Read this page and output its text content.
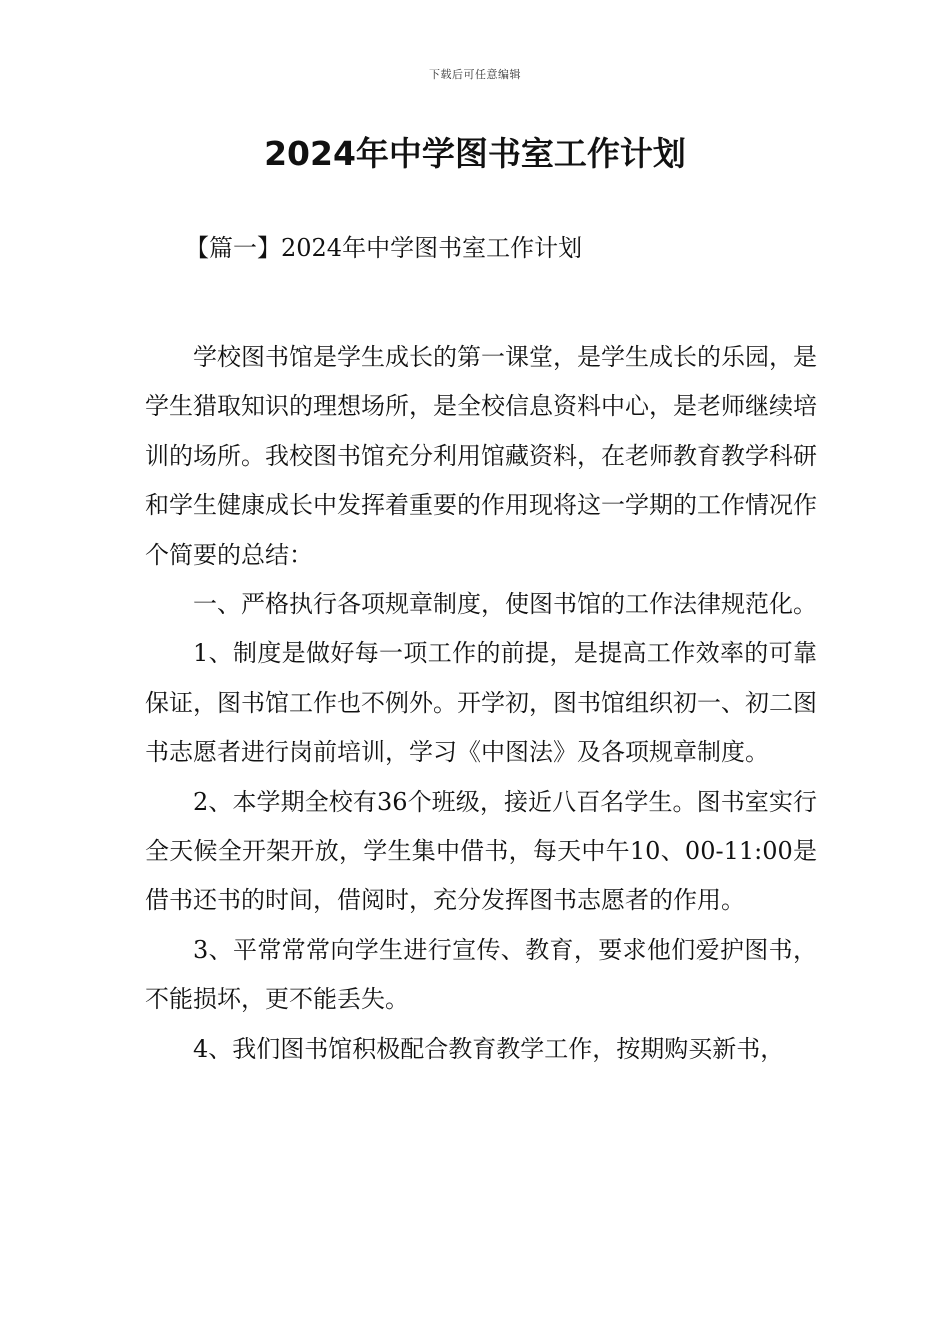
下载后可任意编辑
2024年中学图书室工作计划
【篇一】2024年中学图书室工作计划

学校图书馆是学生成长的第一课堂，是学生成长的乐园，是学生猎取知识的理想场所，是全校信息资料中心，是老师继续培训的场所。我校图书馆充分利用馆藏资料，在老师教育教学科研和学生健康成长中发挥着重要的作用现将这一学期的工作情况作个简要的总结：

一、严格执行各项规章制度，使图书馆的工作法律规范化。

1、制度是做好每一项工作的前提，是提高工作效率的可靠保证，图书馆工作也不例外。开学初，图书馆组织初一、初二图书志愿者进行岗前培训，学习《中图法》及各项规章制度。

2、本学期全校有36个班级，接近八百名学生。图书室实行全天候全开架开放，学生集中借书，每天中午10、00-11:00是借书还书的时间，借阅时，充分发挥图书志愿者的作用。

3、平常常常向学生进行宣传、教育，要求他们爱护图书，不能损坏，更不能丢失。

4、我们图书馆积极配合教育教学工作，按期购买新书，
